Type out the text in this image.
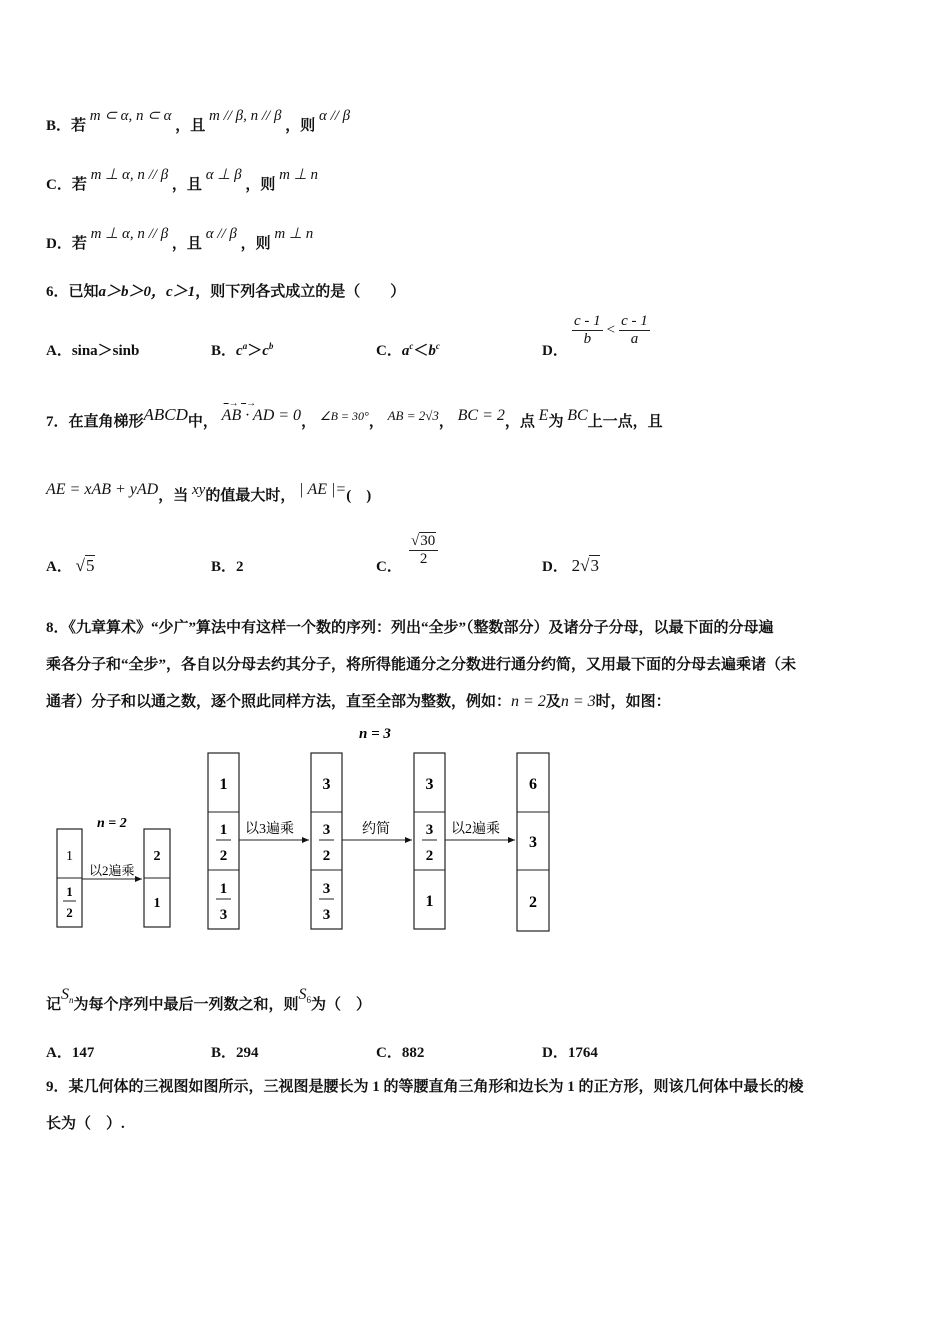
B．若 m ⊂ α, n ⊂ α ，且 m // β, n // β ，则 α // β
C．若 m ⊥ α, n // β ，且 α ⊥ β ，则 m ⊥ n
D．若 m ⊥ α, n // β ，且 α // β ，则 m ⊥ n
6．已知a＞b＞0，c＞1，则下列各式成立的是（　　）
A．sina＞sinb	B．$c^a>c^b$	C．$a^c<b^c$	D．
$\frac{c - 1}{b} < \frac{c - 1}{a}$
7．在直角梯形ABCD中，
⎯→ ⎯→
AB · AD = 0， $^{\angle B = 30^\circ}$， AB = 2√3， BC = 2，点 E为 BC上一点，且
AE = xAB + yAD，当 xy的值最大时， | AE |=(　)
A． √5	B．2	C． $\frac{√30}{2}$	D． 2√3
8．《九章算术》“少广”算法中有这样一个数的序列：列出“全步”（整数部分）及诸分子分母，以最下面的分母遍
乘各分子和“全步”，各自以分母去约其分子，将所得能通分之分数进行通分约简，又用最下面的分母去遍乘诸（未
通者）分子和以通之数，逐个照此同样方法，直至全部为整数，例如：n = 2及n = 3时，如图：
n = 3
n = 2
1
1
2
以2遍乘
2
1
1
1
2
1
3
以3遍乘
3
3
2
3
3
约简
3
3
2
1
以2遍乘
6
3
2
记$S_n$为每个序列中最后一列数之和，则$S_6$为（　）
A．147	B．294	C．882	D．1764
9．某几何体的三视图如图所示，三视图是腰长为 1 的等腰直角三角形和边长为 1 的正方形，则该几何体中最长的棱
长为（　）.
